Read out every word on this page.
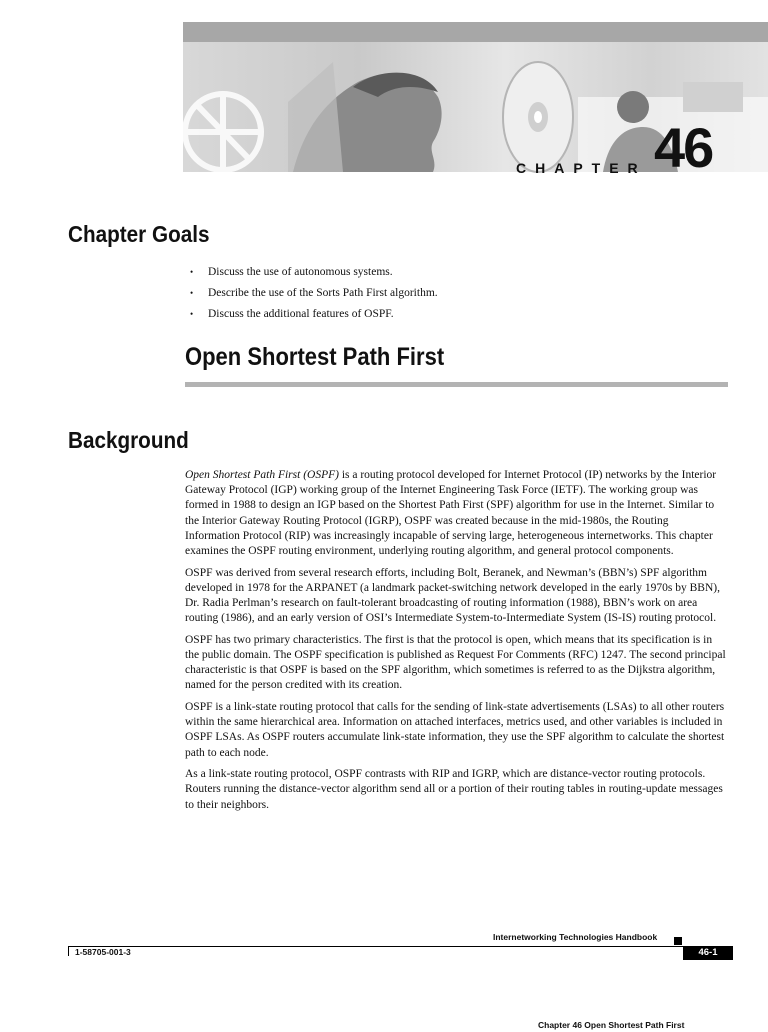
CHAPTER 46
Chapter Goals
• Discuss the use of autonomous systems.
• Describe the use of the Sorts Path First algorithm.
• Discuss the additional features of OSPF.
Open Shortest Path First
Background

Open Shortest Path First (OSPF) is a routing protocol developed for Internet Protocol (IP) networks by the Interior Gateway Protocol (IGP) working group of the Internet Engineering Task Force (IETF). The working group was formed in 1988 to design an IGP based on the Shortest Path First (SPF) algorithm for use in the Internet. Similar to the Interior Gateway Routing Protocol (IGRP), OSPF was created because in the mid-1980s, the Routing Information Protocol (RIP) was increasingly incapable of serving large, heterogeneous internetworks. This chapter examines the OSPF routing environment, underlying routing algorithm, and general protocol components.

OSPF was derived from several research efforts, including Bolt, Beranek, and Newman’s (BBN’s) SPF algorithm developed in 1978 for the ARPANET (a landmark packet-switching network developed in the early 1970s by BBN), Dr. Radia Perlman’s research on fault-tolerant broadcasting of routing information (1988), BBN’s work on area routing (1986), and an early version of OSI’s Intermediate System-to-Intermediate System (IS-IS) routing protocol.

OSPF has two primary characteristics. The first is that the protocol is open, which means that its specification is in the public domain. The OSPF specification is published as Request For Comments (RFC) 1247. The second principal characteristic is that OSPF is based on the SPF algorithm, which sometimes is referred to as the Dijkstra algorithm, named for the person credited with its creation.

OSPF is a link-state routing protocol that calls for the sending of link-state advertisements (LSAs) to all other routers within the same hierarchical area. Information on attached interfaces, metrics used, and other variables is included in OSPF LSAs. As OSPF routers accumulate link-state information, they use the SPF algorithm to calculate the shortest path to each node.

As a link-state routing protocol, OSPF contrasts with RIP and IGRP, which are distance-vector routing protocols. Routers running the distance-vector algorithm send all or a portion of their routing tables in routing-update messages to their neighbors.

Internetworking Technologies Handbook
1-58705-001-3	46-1
Chapter 46 Open Shortest Path First
